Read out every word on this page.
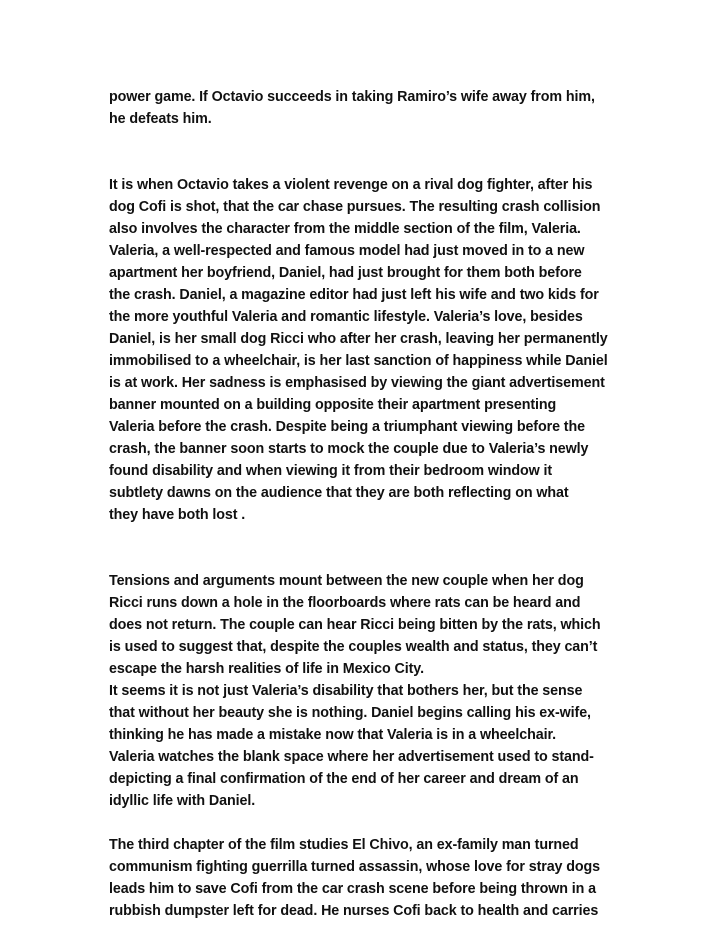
power game. If Octavio succeeds in taking Ramiro’s wife away from him,
he defeats him.

It is when Octavio takes a violent revenge on a rival dog fighter, after his
dog Cofi is shot, that the car chase pursues. The resulting crash collision
also involves the character from the middle section of the film, Valeria.
Valeria, a well-respected and famous model had just moved in to a new
apartment her boyfriend, Daniel, had just brought for them both before
the crash. Daniel, a magazine editor had just left his wife and two kids for
the more youthful Valeria and romantic lifestyle. Valeria’s love, besides
Daniel, is her small dog Ricci who after her crash, leaving her permanently
immobilised to a wheelchair, is her last sanction of happiness while Daniel
is at work. Her sadness is emphasised by viewing the giant advertisement
banner mounted on a building opposite their apartment presenting
Valeria before the crash. Despite being a triumphant viewing before the
crash, the banner soon starts to mock the couple due to Valeria’s newly
found disability and when viewing it from their bedroom window it
subtlety dawns on the audience that they are both reflecting on what
they have both lost .

Tensions and arguments mount between the new couple when her dog
Ricci runs down a hole in the floorboards where rats can be heard and
does not return. The couple can hear Ricci being bitten by the rats, which
is used to suggest that, despite the couples wealth and status, they can’t
escape the harsh realities of life in Mexico City.

It seems it is not just Valeria’s disability that bothers her, but the sense
that without her beauty she is nothing. Daniel begins calling his ex-wife,
thinking he has made a mistake now that Valeria is in a wheelchair.
Valeria watches the blank space where her advertisement used to stand-
depicting a final confirmation of the end of her career and dream of an
idyllic life with Daniel.

The third chapter of the film studies El Chivo, an ex-family man turned
communism fighting guerrilla turned assassin, whose love for stray dogs
leads him to save Cofi from the car crash scene before being thrown in a
rubbish dumpster left for dead. He nurses Cofi back to health and carries
